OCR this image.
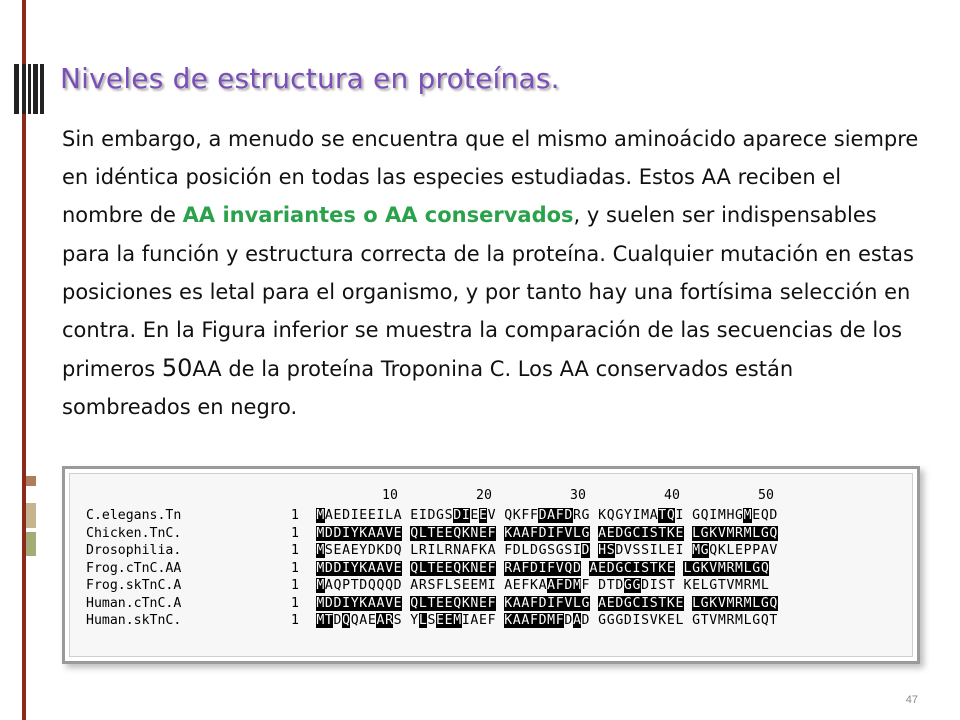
Niveles de estructura en proteínas.
Sin embargo, a menudo se encuentra que el mismo aminoácido aparece siempre en idéntica posición en todas las especies estudiadas. Estos AA reciben el nombre de AA invariantes o AA conservados, y suelen ser indispensables para la función y estructura correcta de la proteína. Cualquier mutación en estas posiciones es letal para el organismo, y por tanto hay una fortísima selección en contra. En la Figura inferior se muestra la comparación de las secuencias de los primeros 50AA de la proteína Troponina C. Los AA conservados están sombreados en negro.
10	20	30	40	50
C.elegans.Tn	1	MAEDIEEILA EIDGSDIEEV QKFFDAFDRG KQGYIMATQI GQIMHGMEQD
Chicken.TnC.	1	MDDIYKAAVE QLTEEQKNEF KAAFDIFVLG AEDGCISTKE LGKVMRMLGQ
Drosophilia.	1	MSEAEYDKDQ LRILRNAFKA FDLDGSGSID HSDVSSILEI MGQKLEPPAV
Frog.cTnC.AA	1	MDDIYKAAVE QLTEEQKNEF RAFDIFVQD AEDGCISTKE LGKVMRMLGQ
Frog.skTnC.A	1	MAQPTDQQQD ARSFLSEEMI AEFKAAFDMF DTDGGDIST KELGTVMRML
Human.cTnC.A	1	MDDIYKAAVE QLTEEQKNEF KAAFDIFVLG AEDGCISTKE LGKVMRMLGQ
Human.skTnC.	1	MTDQQAEARS YLSEEMIAEF KAAFDMFDAD GGGDISVKEL GTVMRMLGQT
47
